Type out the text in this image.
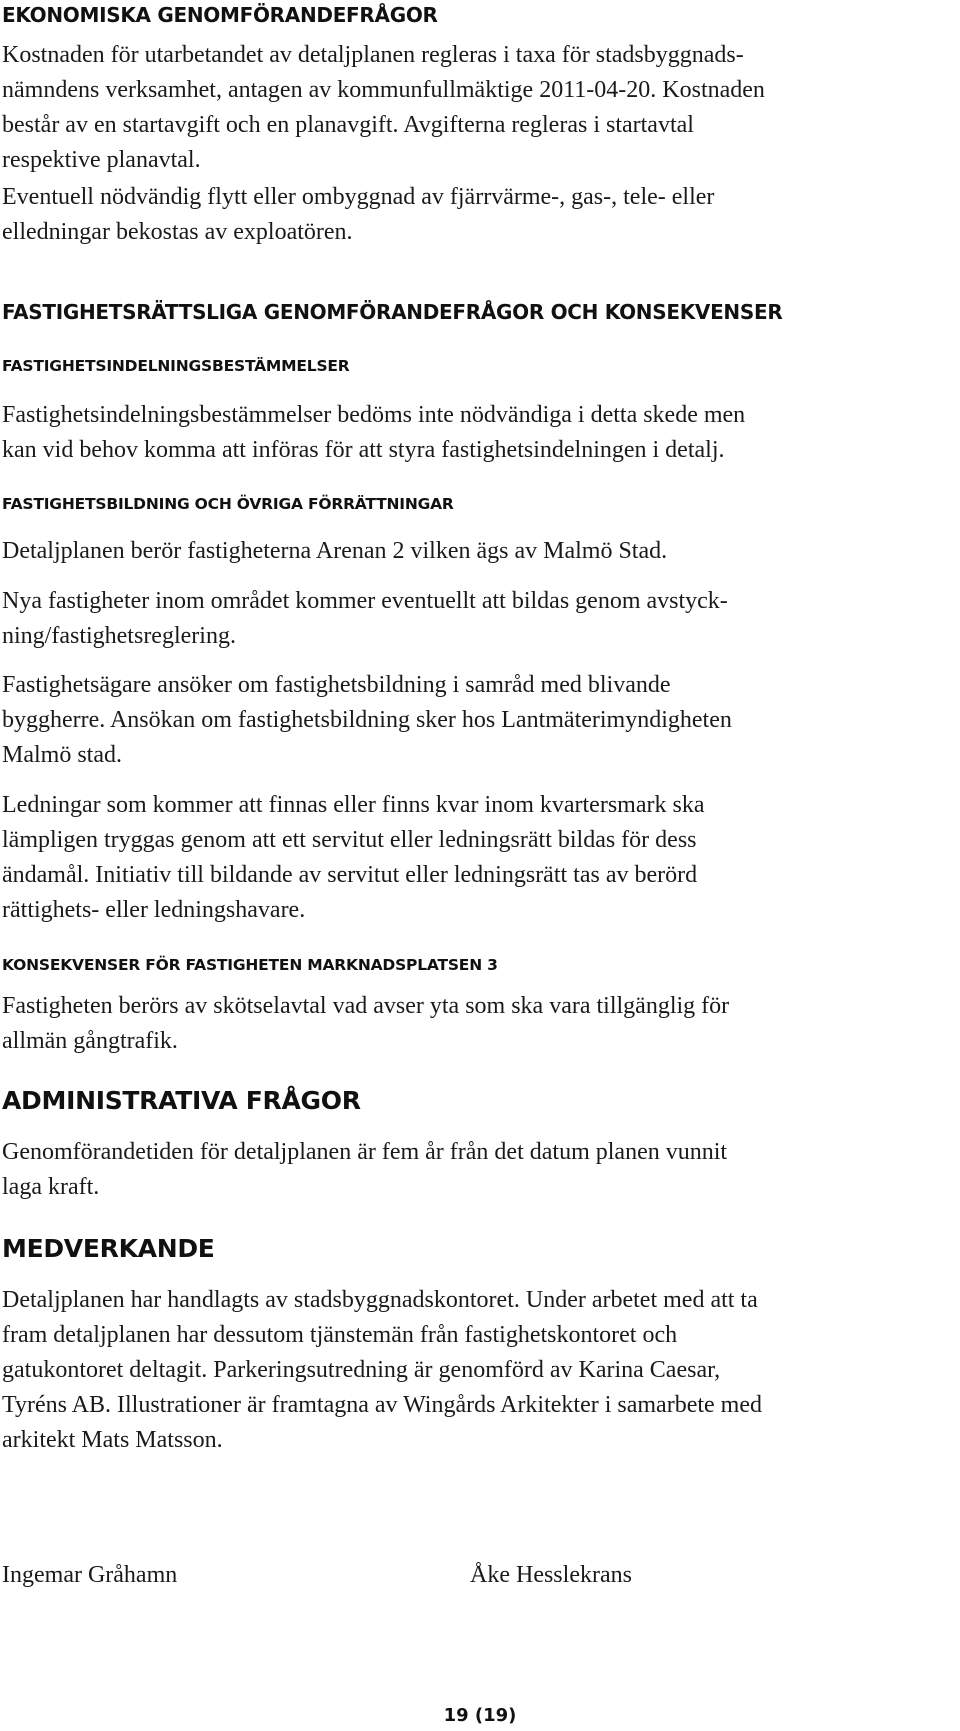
EKONOMISKA GENOMFÖRANDEFRÅGOR

Kostnaden för utarbetandet av detaljplanen regleras i taxa för stadsbyggnads-
nämndens verksamhet, antagen av kommunfullmäktige 2011-04-20. Kostnaden
består av en startavgift och en planavgift. Avgifterna regleras i startavtal
respektive planavtal.

Eventuell nödvändig flytt eller ombyggnad av fjärrvärme-, gas-, tele- eller
elledningar bekostas av exploatören.

FASTIGHETSRÄTTSLIGA GENOMFÖRANDEFRÅGOR OCH KONSEKVENSER
FASTIGHETSINDELNINGSBESTÄMMELSER

Fastighetsindelningsbestämmelser bedöms inte nödvändiga i detta skede men
kan vid behov komma att införas för att styra fastighetsindelningen i detalj.

FASTIGHETSBILDNING OCH ÖVRIGA FÖRRÄTTNINGAR

Detaljplanen berör fastigheterna Arenan 2 vilken ägs av Malmö Stad.

Nya fastigheter inom området kommer eventuellt att bildas genom avstyck-
ning/fastighetsreglering.

Fastighetsägare ansöker om fastighetsbildning i samråd med blivande
byggherre. Ansökan om fastighetsbildning sker hos Lantmäterimyndigheten
Malmö stad.

Ledningar som kommer att finnas eller finns kvar inom kvartersmark ska
lämpligen tryggas genom att ett servitut eller ledningsrätt bildas för dess
ändamål. Initiativ till bildande av servitut eller ledningsrätt tas av berörd
rättighets- eller ledningshavare.

KONSEKVENSER FÖR FASTIGHETEN MARKNADSPLATSEN 3

Fastigheten berörs av skötselavtal vad avser yta som ska vara tillgänglig för
allmän gångtrafik.

ADMINISTRATIVA FRÅGOR

Genomförandetiden för detaljplanen är fem år från det datum planen vunnit
laga kraft.

MEDVERKANDE

Detaljplanen har handlagts av stadsbyggnadskontoret. Under arbetet med att ta
fram detaljplanen har dessutom tjänstemän från fastighetskontoret och
gatukontoret deltagit. Parkeringsutredning är genomförd av Karina Caesar,
Tyréns AB. Illustrationer är framtagna av Wingårds Arkitekter i samarbete med
arkitekt Mats Matsson.

Ingemar Gråhamn	Åke Hesslekrans

19 (19)
